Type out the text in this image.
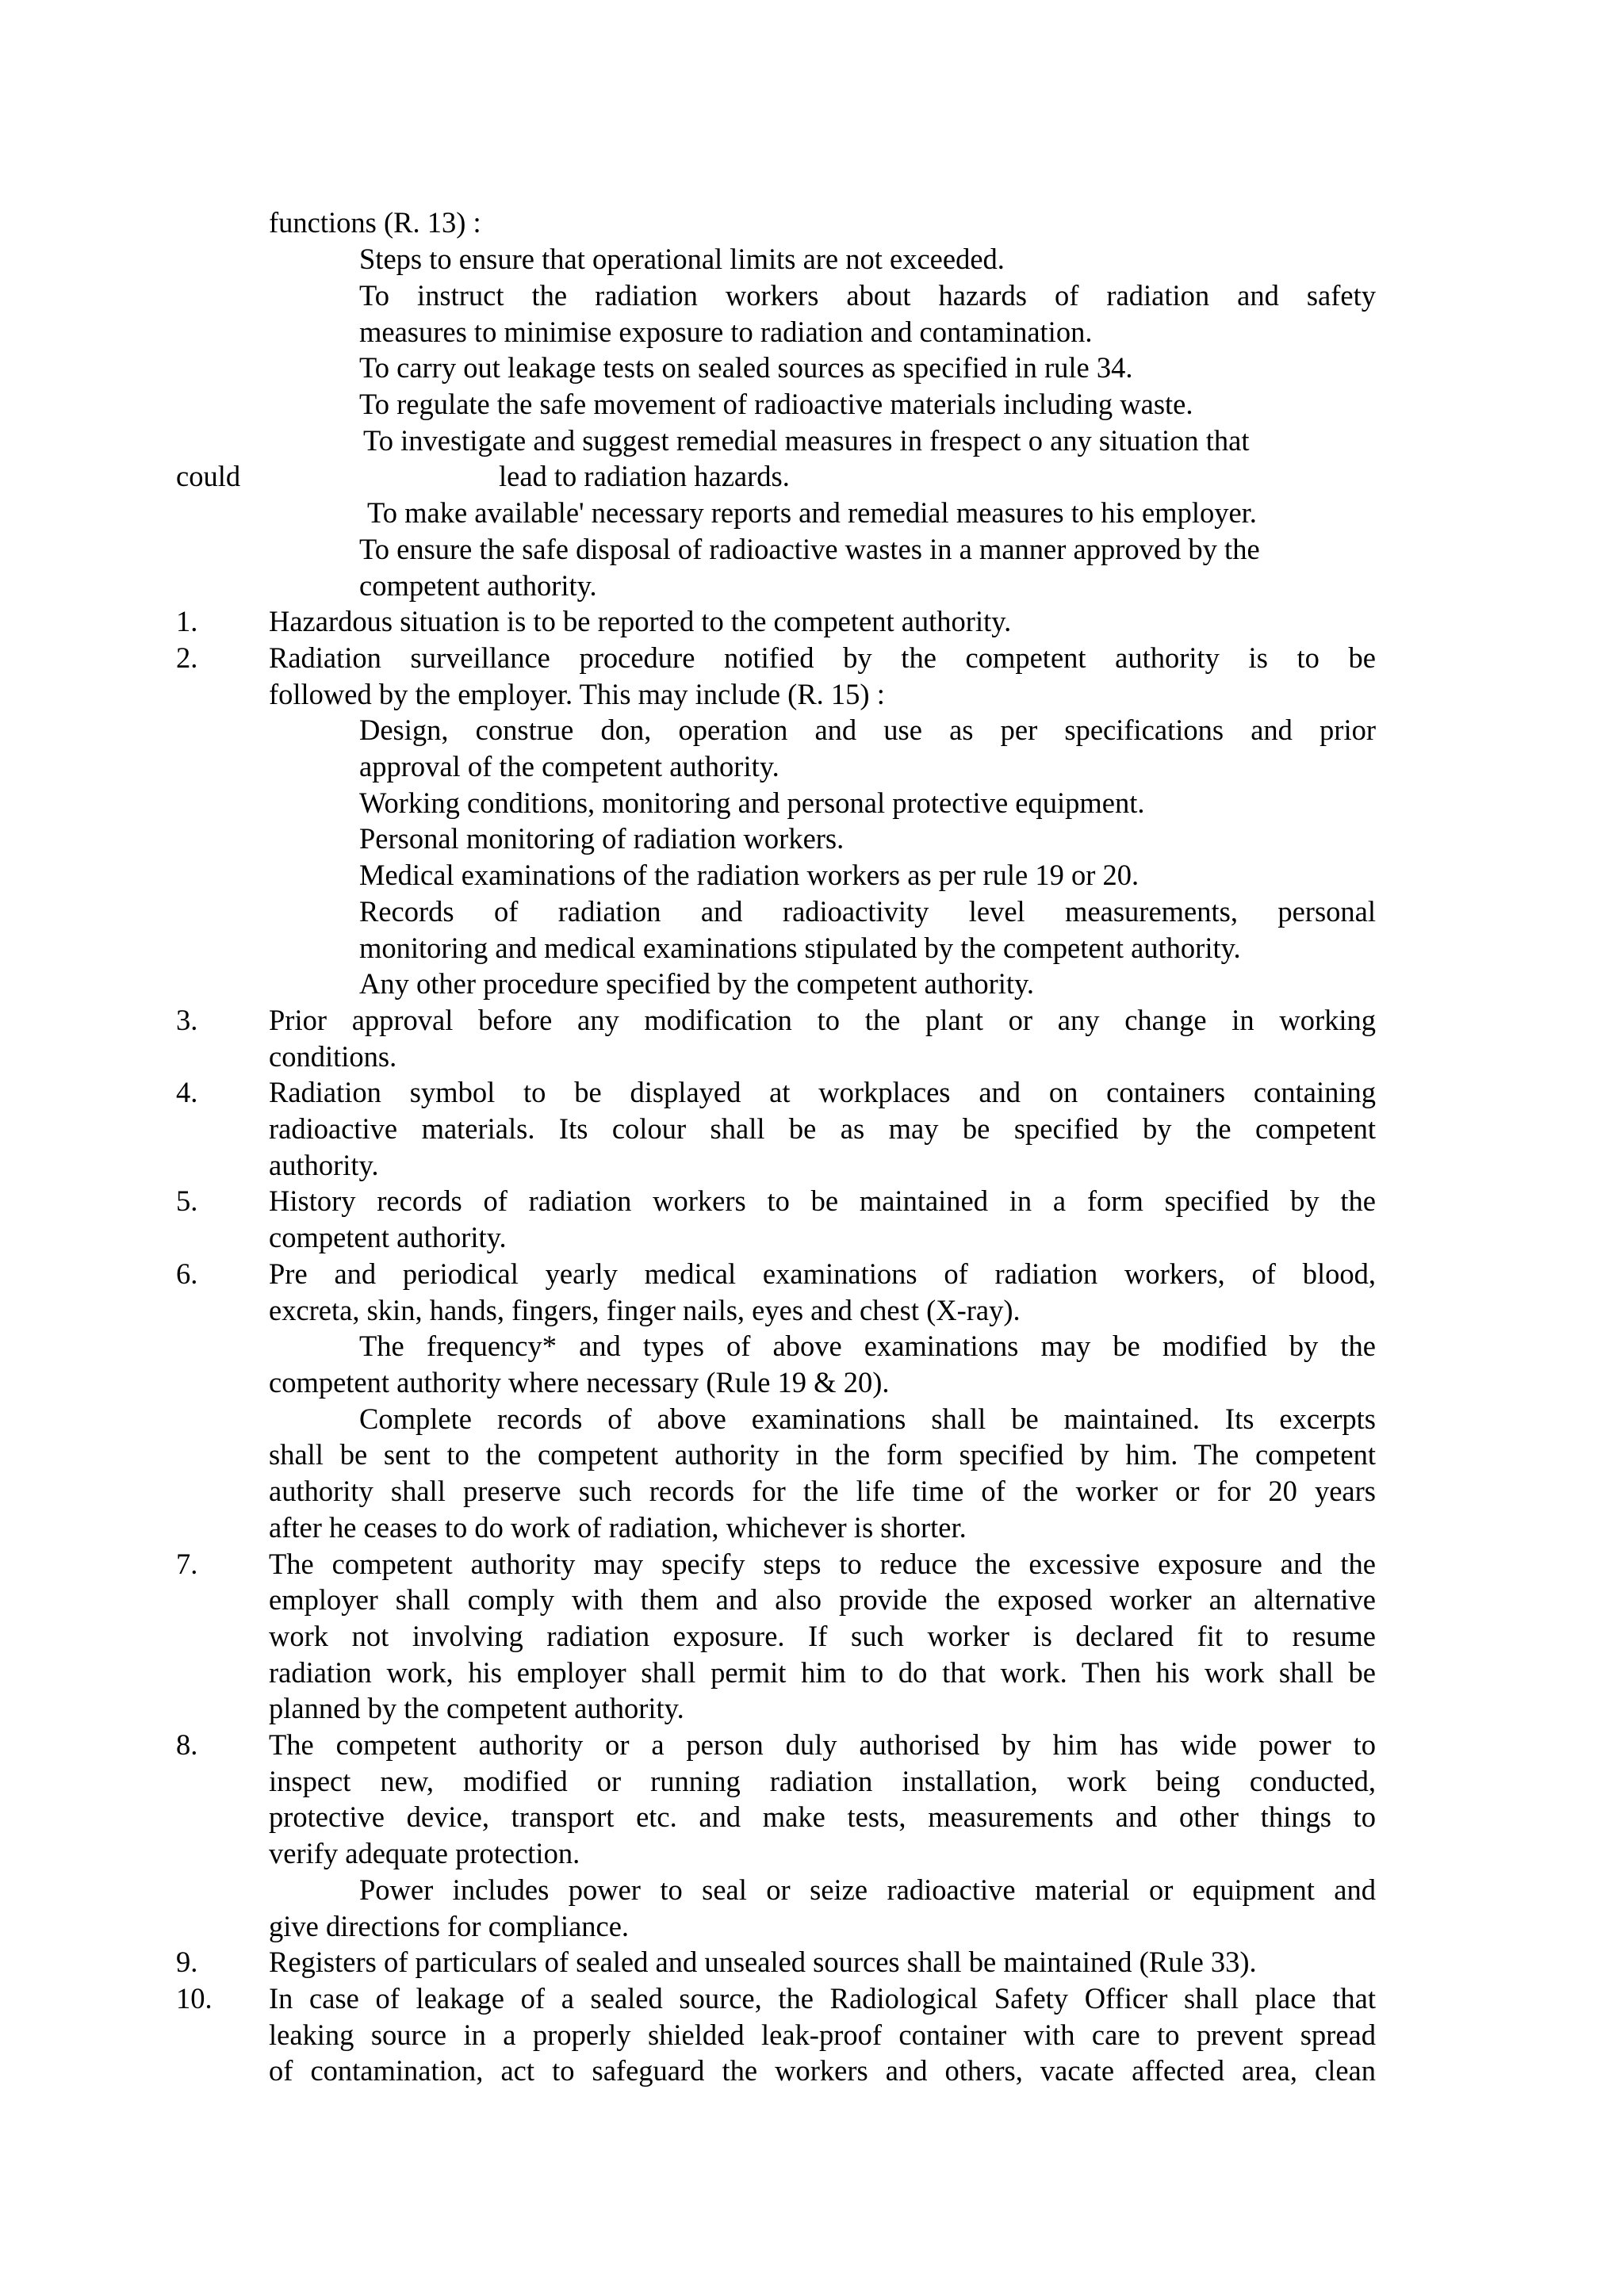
functions (R. 13) :
Steps to ensure that operational limits are not exceeded.
To instruct the radiation workers about hazards of radiation and safety
measures to minimise exposure to radiation and contamination.
To carry out leakage tests on sealed sources as specified in rule 34.
To regulate the safe movement of radioactive materials including waste.
To investigate and suggest remedial measures in frespect o any situation that
could	lead to radiation hazards.
To make available' necessary reports and remedial measures to his employer.
To ensure the safe disposal of radioactive wastes in a manner approved by the
competent authority.
1. Hazardous situation is to be reported to the competent authority.
2. Radiation surveillance procedure notified by the competent authority is to be
followed by the employer. This may include (R. 15) :
Design, construe don, operation and use as per specifications and prior
approval of the competent authority.
Working conditions, monitoring and personal protective equipment.
Personal monitoring of radiation workers.
Medical examinations of the radiation workers as per rule 19 or 20.
Records of radiation and radioactivity level measurements, personal
monitoring and medical examinations stipulated by the competent authority.
Any other procedure specified by the competent authority.
3. Prior approval before any modification to the plant or any change in working
conditions.
4. Radiation symbol to be displayed at workplaces and on containers containing
radioactive materials. Its colour shall be as may be specified by the competent
authority.
5. History records of radiation workers to be maintained in a form specified by the
competent authority.
6. Pre and periodical yearly medical examinations of radiation workers, of blood,
excreta, skin, hands, fingers, finger nails, eyes and chest (X-ray).
The frequency* and types of above examinations may be modified by the
competent authority where necessary (Rule 19 & 20).
Complete records of above examinations shall be maintained. Its excerpts
shall be sent to the competent authority in the form specified by him. The competent
authority shall preserve such records for the life time of the worker or for 20 years
after he ceases to do work of radiation, whichever is shorter.
7. The competent authority may specify steps to reduce the excessive exposure and the
employer shall comply with them and also provide the exposed worker an alternative
work not involving radiation exposure. If such worker is declared fit to resume
radiation work, his employer shall permit him to do that work. Then his work shall be
planned by the competent authority.
8. The competent authority or a person duly authorised by him has wide power to
inspect new, modified or running radiation installation, work being conducted,
protective device, transport etc. and make tests, measurements and other things to
verify adequate protection.
Power includes power to seal or seize radioactive material or equipment and
give directions for compliance.
9. Registers of particulars of sealed and unsealed sources shall be maintained (Rule 33).
10. In case of leakage of a sealed source, the Radiological Safety Officer shall place that
leaking source in a properly shielded leak-proof container with care to prevent spread
of contamination, act to safeguard the workers and others, vacate affected area, clean
